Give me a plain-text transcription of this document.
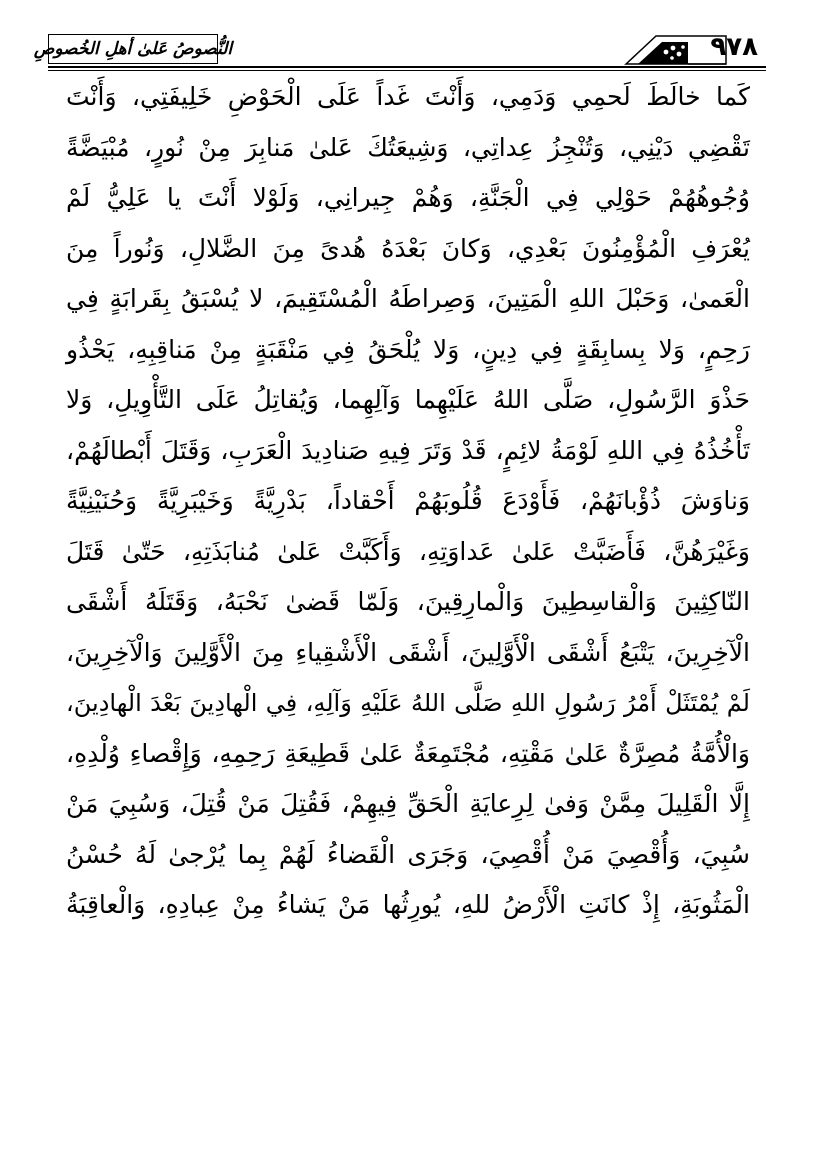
النُّصوصُ عَلىٰ أهلِ الخُصوصِ	٩٧٨
كَما خالَطَ لَحمِي وَدَمِي، وَأَنْتَ غَداً عَلَى الْحَوْضِ خَلِيفَتِي، وَأَنْتَ
تَقْضِي دَيْنِي، وَتُنْجِزُ عِداتِي، وَشِيعَتُكَ عَلىٰ مَنابِرَ مِنْ نُورٍ، مُبْيَضَّةً
وُجُوهُهُمْ حَوْلِي فِي الْجَنَّةِ، وَهُمْ جِيرانِي، وَلَوْلا أَنْتَ يا عَلِيُّ لَمْ
يُعْرَفِ الْمُؤْمِنُونَ بَعْدِي، وَكانَ بَعْدَهُ هُدىً مِنَ الضَّلالِ، وَنُوراً مِنَ
الْعَمىٰ، وَحَبْلَ اللهِ الْمَتِينَ، وَصِراطَهُ الْمُسْتَقِيمَ، لا يُسْبَقُ بِقَرابَةٍ فِي
رَحِمٍ، وَلا بِسابِقَةٍ فِي دِينٍ، وَلا يُلْحَقُ فِي مَنْقَبَةٍ مِنْ مَناقِبِهِ، يَحْذُو
حَذْوَ الرَّسُولِ، صَلَّى اللهُ عَلَيْهِما وَآلِهِما، وَيُقاتِلُ عَلَى التَّأْوِيلِ، وَلا
تَأْخُذُهُ فِي اللهِ لَوْمَةُ لائِمٍ، قَدْ وَتَرَ فِيهِ صَنادِيدَ الْعَرَبِ، وَقَتَلَ أَبْطالَهُمْ،
وَناوَشَ ذُؤْبانَهُمْ، فَأَوْدَعَ قُلُوبَهُمْ أَحْقاداً، بَدْرِيَّةً وَخَيْبَرِيَّةً وَحُنَيْنِيَّةً
وَغَيْرَهُنَّ، فَأَضَبَّتْ عَلىٰ عَداوَتِهِ، وَأَكَبَّتْ عَلىٰ مُنابَذَتِهِ، حَتّىٰ قَتَلَ
النّاكِثِينَ وَالْقاسِطِينَ وَالْمارِقِينَ، وَلَمّا قَضىٰ نَحْبَهُ، وَقَتَلَهُ أَشْقَى
الْآخِرِينَ، يَتْبَعُ أَشْقَى الْأَوَّلِينَ، أَشْقَى الْأَشْقِياءِ مِنَ الْأَوَّلِينَ وَالْآخِرِينَ،
لَمْ يُمْتَثَلْ أَمْرُ رَسُولِ اللهِ صَلَّى اللهُ عَلَيْهِ وَآلِهِ، فِي الْهادِينَ بَعْدَ الْهادِينَ،
وَالْأُمَّةُ مُصِرَّةٌ عَلىٰ مَقْتِهِ، مُجْتَمِعَةٌ عَلىٰ قَطِيعَةِ رَحِمِهِ، وَإِقْصاءِ وُلْدِهِ،
إِلَّا الْقَلِيلَ مِمَّنْ وَفىٰ لِرِعايَةِ الْحَقِّ فِيهِمْ، فَقُتِلَ مَنْ قُتِلَ، وَسُبِيَ مَنْ
سُبِيَ، وَأُقْصِيَ مَنْ أُقْصِيَ، وَجَرَى الْقَضاءُ لَهُمْ بِما يُرْجىٰ لَهُ حُسْنُ
الْمَثُوبَةِ، إِذْ كانَتِ الْأَرْضُ للهِ، يُورِثُها مَنْ يَشاءُ مِنْ عِبادِهِ، وَالْعاقِبَةُ
